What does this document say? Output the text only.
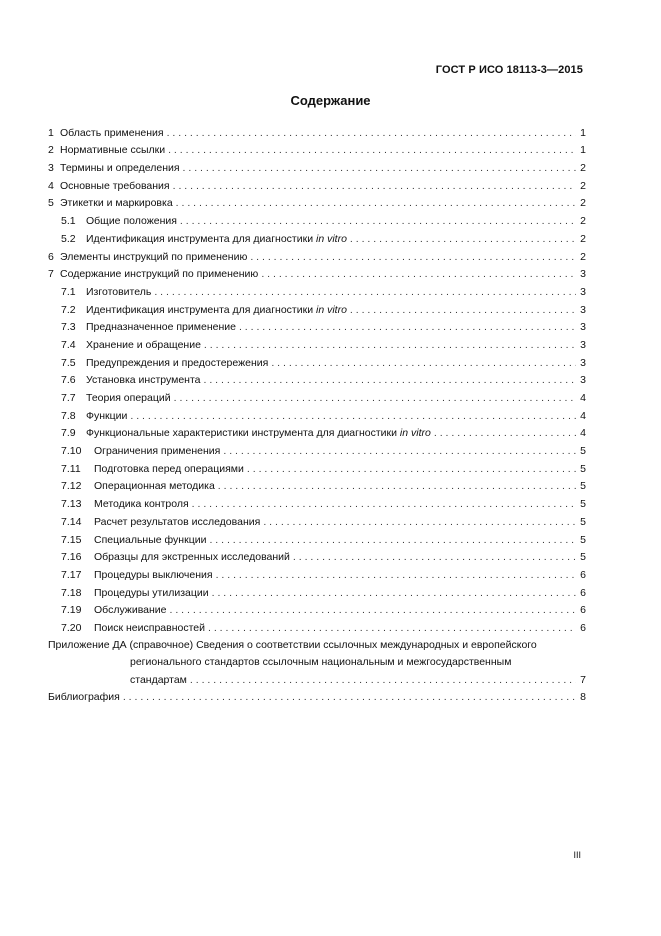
ГОСТ Р ИСО 18113-3—2015
Содержание
1 Область применения . . .	1
2 Нормативные ссылки . . .	1
3 Термины и определения . . .	2
4 Основные требования . . .	2
5 Этикетки и маркировка . . .	2
5.1 Общие положения . . .	2
5.2 Идентификация инструмента для диагностики in vitro . . .	2
6 Элементы инструкций по применению . . .	2
7 Содержание инструкций по применению . . .	3
7.1 Изготовитель . . .	3
7.2 Идентификация инструмента для диагностики in vitro . . .	3
7.3 Предназначенное применение . . .	3
7.4 Хранение и обращение . . .	3
7.5 Предупреждения и предостережения . . .	3
7.6 Установка инструмента . . .	3
7.7 Теория операций . . .	4
7.8 Функции . . .	4
7.9 Функциональные характеристики инструмента для диагностики in vitro . . .	4
7.10	Ограничения применения . . .	5
7.11	Подготовка перед операциями . . .	5
7.12	Операционная методика . . .	5
7.13	Методика контроля . . .	5
7.14	Расчет результатов исследования . . .	5
7.15	Специальные функции . . .	5
7.16	Образцы для экстренных исследований . . .	5
7.17	Процедуры выключения . . .	6
7.18	Процедуры утилизации . . .	6
7.19	Обслуживание . . .	6
7.20	Поиск неисправностей . . .	6
Приложение ДА (справочное) Сведения о соответствии ссылочных международных и европейского
регионального стандартов ссылочным национальным и межгосударственным
стандартам . . .	7
Библиография . . .	8
III
